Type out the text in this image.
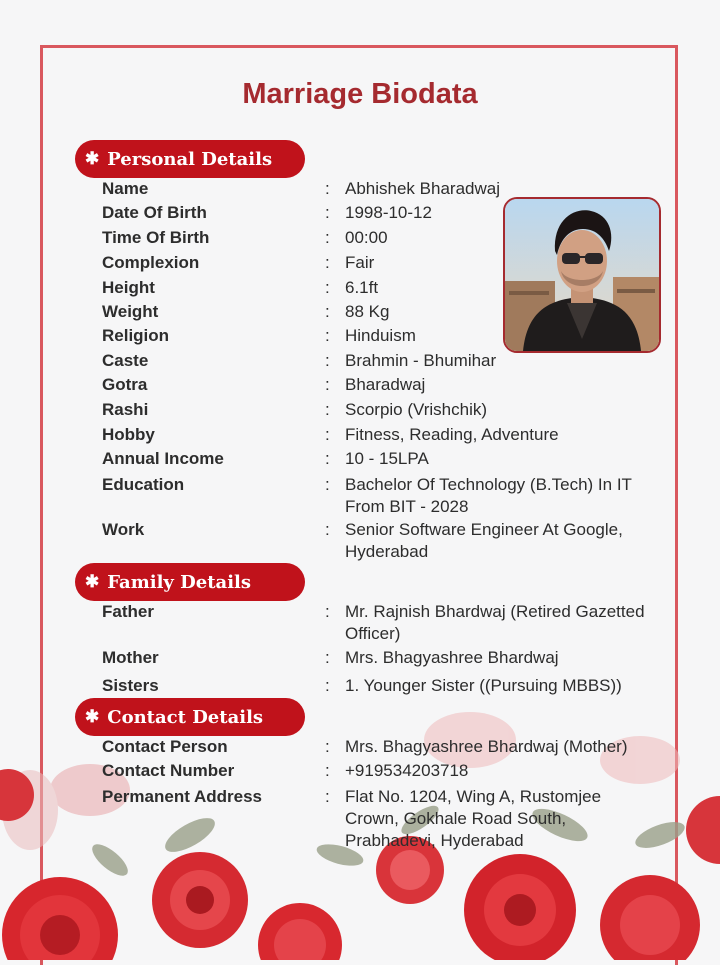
Marriage Biodata
✱ Personal Details
✱ Family Details
✱ Contact Details
Name	: Abhishek Bharadwaj
Date Of Birth	: 1998-10-12
Time Of Birth	: 00:00
Complexion	: Fair
Height	: 6.1ft
Weight	: 88 Kg
Religion	: Hinduism
Caste	: Brahmin - Bhumihar
Gotra	: Bharadwaj
Rashi	: Scorpio (Vrishchik)
Hobby	: Fitness, Reading, Adventure
Annual Income	: 10 - 15LPA
Education	: Bachelor Of Technology (B.Tech) In IT From BIT - 2028
Work	: Senior Software Engineer At Google, Hyderabad
Father	: Mr. Rajnish Bhardwaj (Retired Gazetted Officer)
Mother	: Mrs. Bhagyashree Bhardwaj
Sisters	: 1. Younger Sister ((Pursuing MBBS))
Contact Person	: Mrs. Bhagyashree Bhardwaj (Mother)
Contact Number	: +919534203718
Permanent Address	: Flat No. 1204, Wing A, Rustomjee Crown, Gokhale Road South, Prabhadevi, Hyderabad
